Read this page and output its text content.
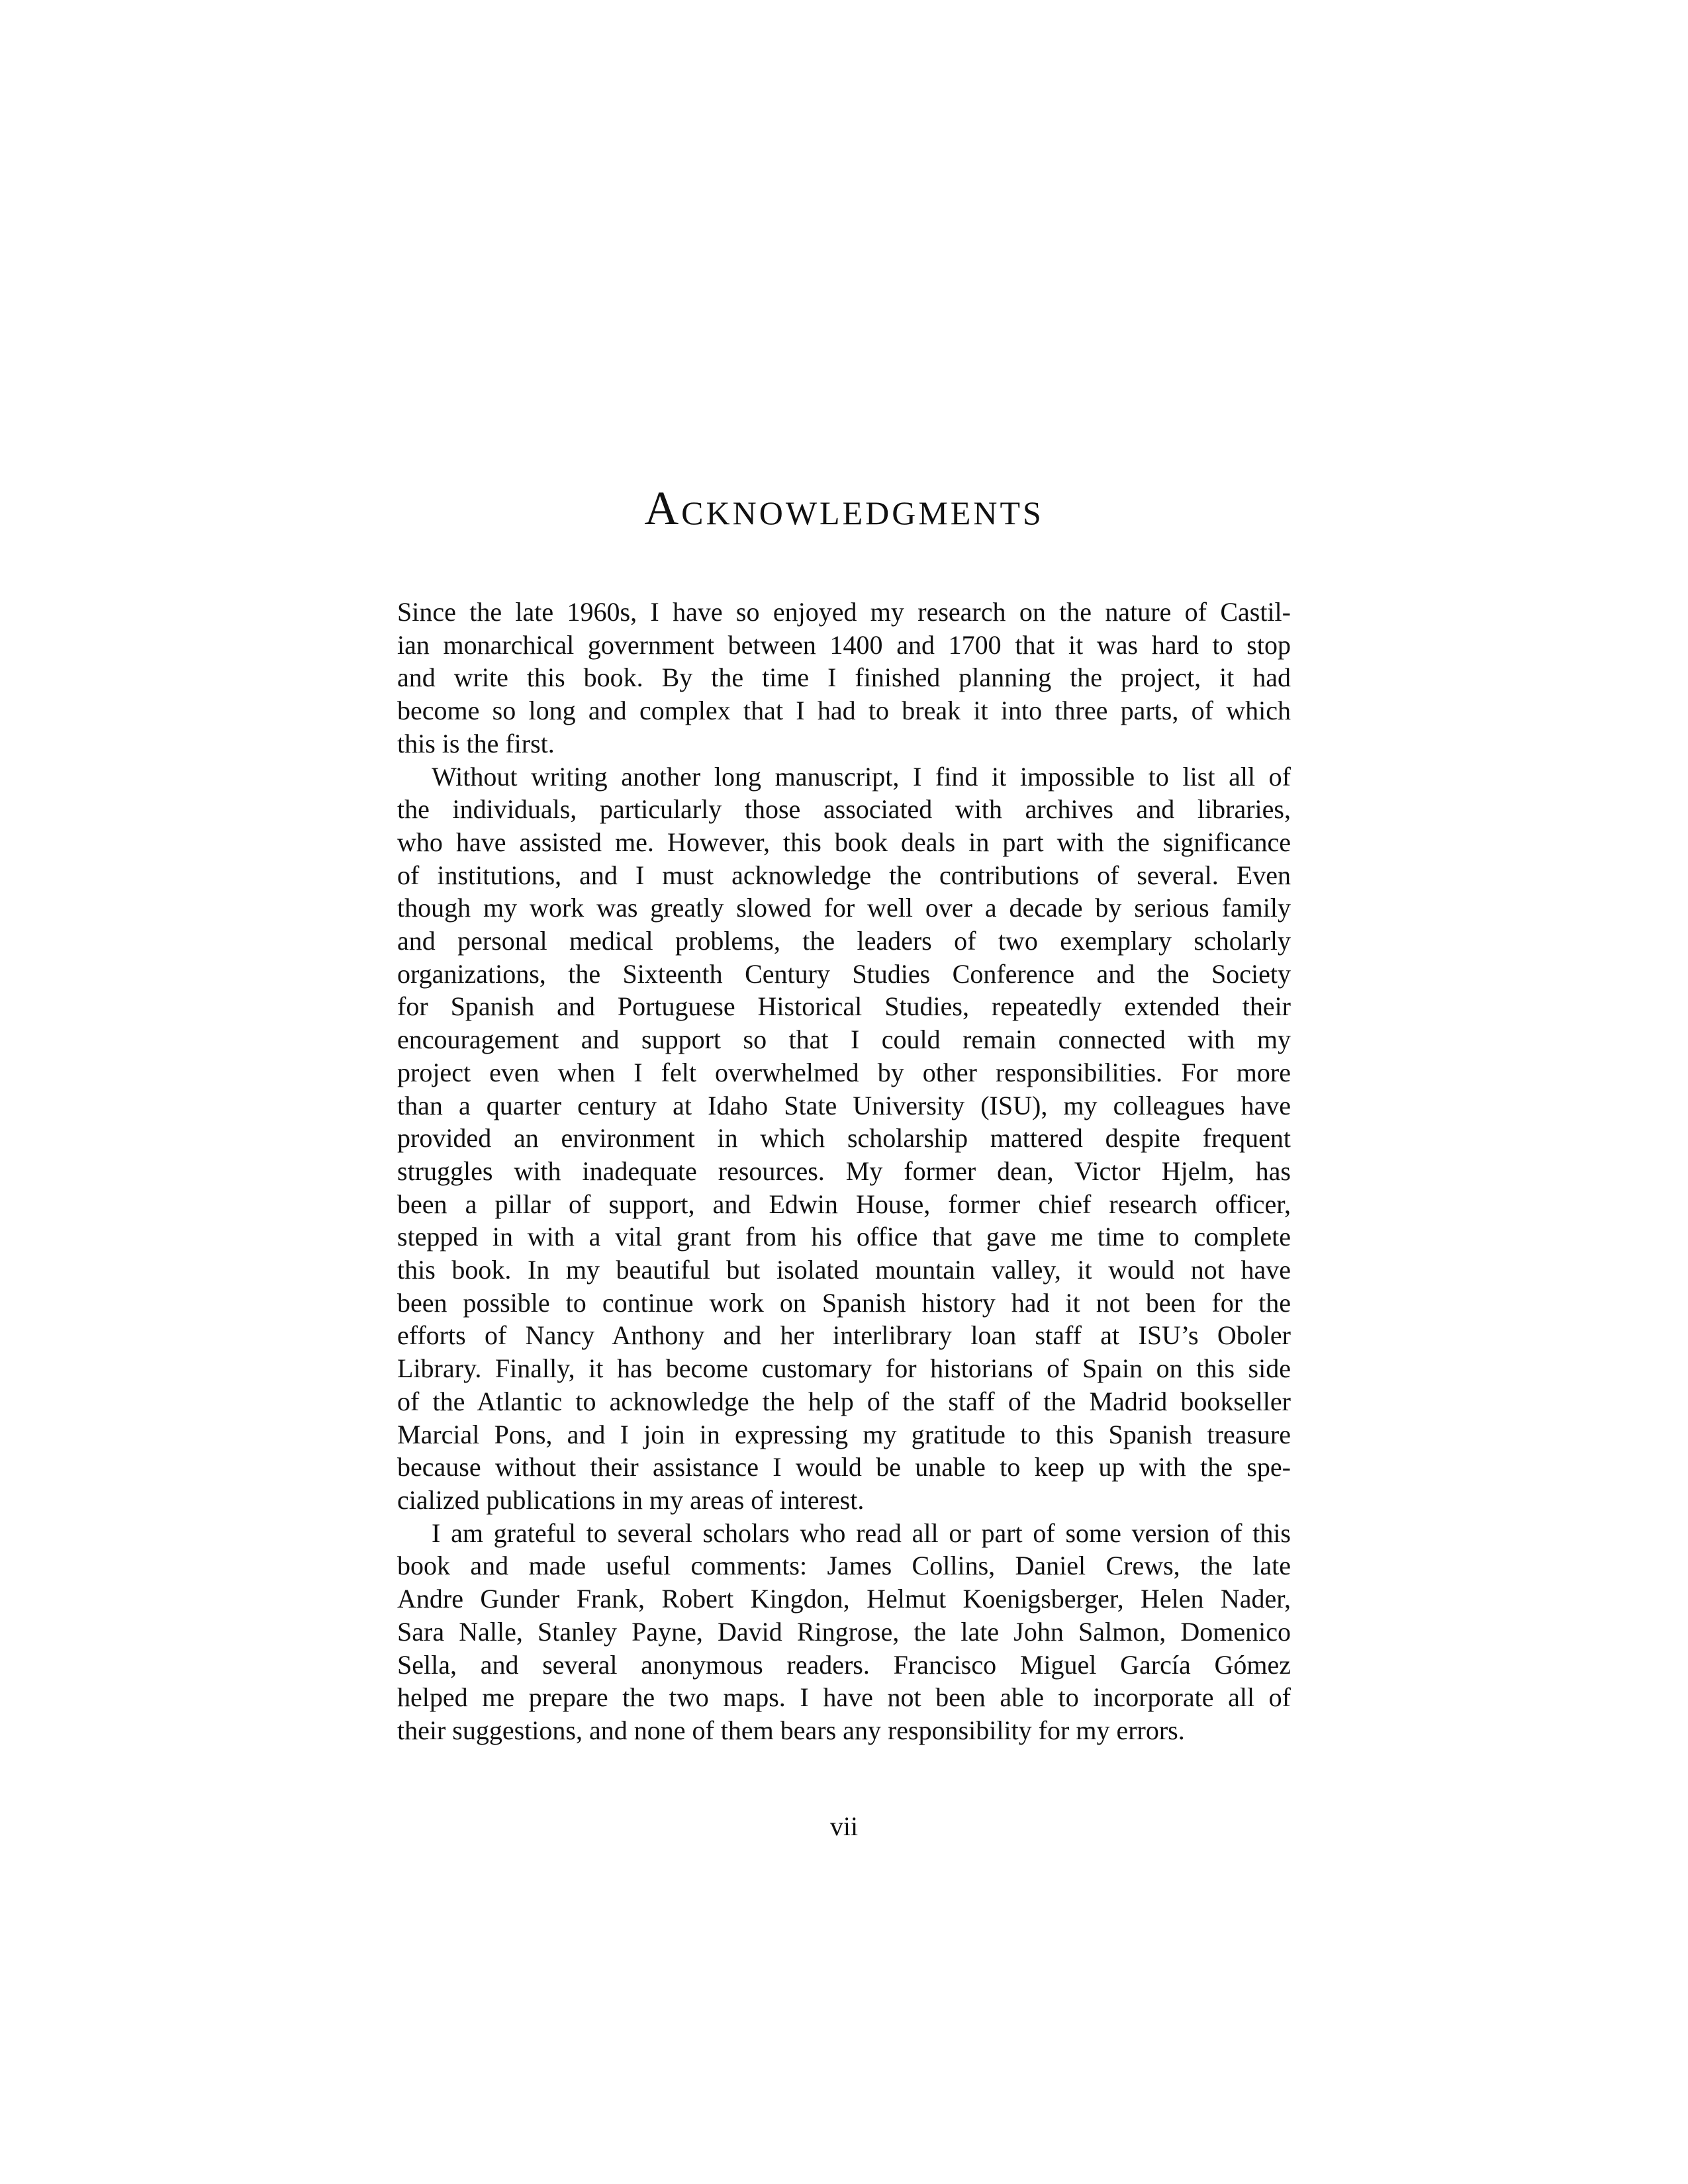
Acknowledgments

Since the late 1960s, I have so enjoyed my research on the nature of Castil-
ian monarchical government between 1400 and 1700 that it was hard to stop
and write this book. By the time I finished planning the project, it had
become so long and complex that I had to break it into three parts, of which
this is the first.

Without writing another long manuscript, I find it impossible to list all of
the individuals, particularly those associated with archives and libraries,
who have assisted me. However, this book deals in part with the significance
of institutions, and I must acknowledge the contributions of several. Even
though my work was greatly slowed for well over a decade by serious family
and personal medical problems, the leaders of two exemplary scholarly
organizations, the Sixteenth Century Studies Conference and the Society
for Spanish and Portuguese Historical Studies, repeatedly extended their
encouragement and support so that I could remain connected with my
project even when I felt overwhelmed by other responsibilities. For more
than a quarter century at Idaho State University (ISU), my colleagues have
provided an environment in which scholarship mattered despite frequent
struggles with inadequate resources. My former dean, Victor Hjelm, has
been a pillar of support, and Edwin House, former chief research officer,
stepped in with a vital grant from his office that gave me time to complete
this book. In my beautiful but isolated mountain valley, it would not have
been possible to continue work on Spanish history had it not been for the
efforts of Nancy Anthony and her interlibrary loan staff at ISU’s Oboler
Library. Finally, it has become customary for historians of Spain on this side
of the Atlantic to acknowledge the help of the staff of the Madrid bookseller
Marcial Pons, and I join in expressing my gratitude to this Spanish treasure
because without their assistance I would be unable to keep up with the spe-
cialized publications in my areas of interest.

I am grateful to several scholars who read all or part of some version of this
book and made useful comments: James Collins, Daniel Crews, the late
Andre Gunder Frank, Robert Kingdon, Helmut Koenigsberger, Helen Nader,
Sara Nalle, Stanley Payne, David Ringrose, the late John Salmon, Domenico
Sella, and several anonymous readers. Francisco Miguel García Gómez
helped me prepare the two maps. I have not been able to incorporate all of
their suggestions, and none of them bears any responsibility for my errors.

vii
